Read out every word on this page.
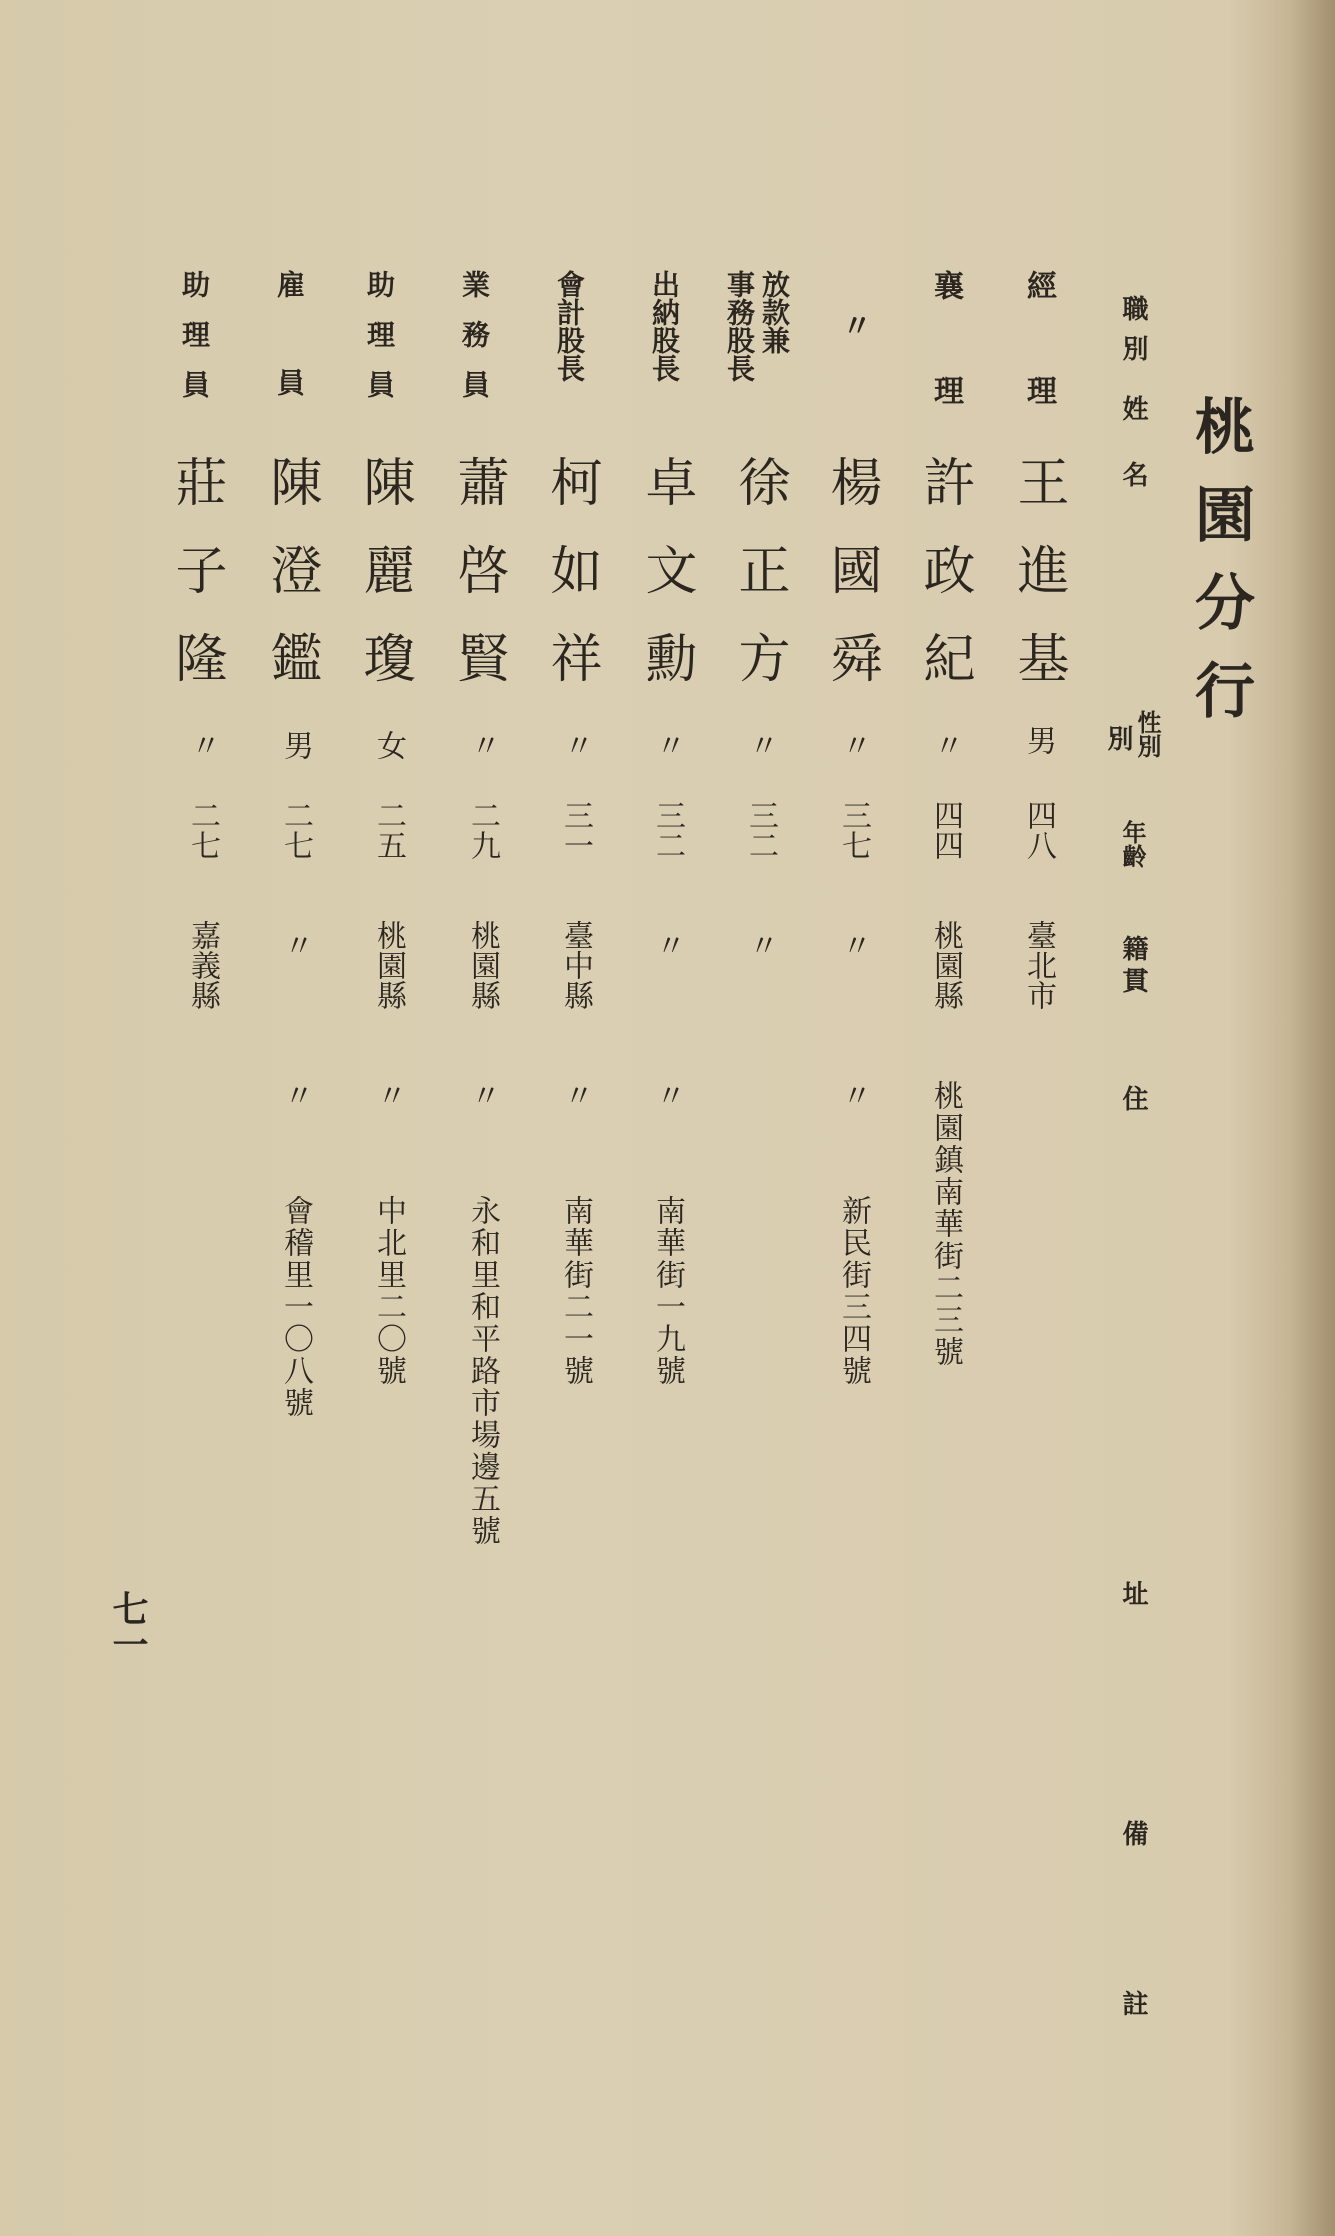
桃園分行
職別
姓名
別 性別
年齡
籍貫
住
址
備
註
經理
王進基
男
四八
臺北市
襄理
許政紀
〃
四四
桃園縣
桃園鎮南華街二三號
〃
楊國舜
〃
三七
〃
〃
新民街三四號
放款兼
事務股長
徐正方
〃
三二
〃
出納股長
卓文勳
〃
三二
〃
〃
南華街一九號
會計股長
柯如祥
〃
三一
臺中縣
〃
南華街二一號
業務員
蕭啓賢
〃
二九
桃園縣
〃
永和里和平路市場邊五號
助理員
陳麗瓊
女
二五
桃園縣
〃
中北里二〇號
雇員
陳澄鑑
男
二七
〃
〃
會稽里一〇八號
助理員
莊子隆
〃
二七
嘉義縣
七一
